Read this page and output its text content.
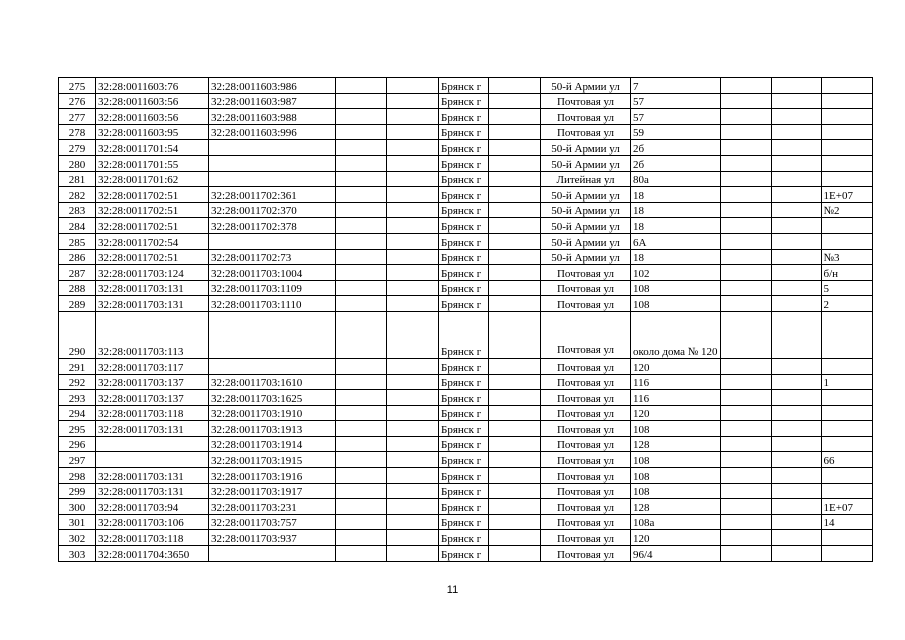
275	32:28:0011603:76	32:28:0011603:986			Брянск г		50-й Армии ул	7			
276	32:28:0011603:56	32:28:0011603:987			Брянск г		Почтовая ул	57			
277	32:28:0011603:56	32:28:0011603:988			Брянск г		Почтовая ул	57			
278	32:28:0011603:95	32:28:0011603:996			Брянск г		Почтовая ул	59			
279	32:28:0011701:54				Брянск г		50-й Армии ул	2б			
280	32:28:0011701:55				Брянск г		50-й Армии ул	2б			
281	32:28:0011701:62				Брянск г		Литейная ул	80а			
282	32:28:0011702:51	32:28:0011702:361			Брянск г		50-й Армии ул	18			1E+07
283	32:28:0011702:51	32:28:0011702:370			Брянск г		50-й Армии ул	18			№2
284	32:28:0011702:51	32:28:0011702:378			Брянск г		50-й Армии ул	18			
285	32:28:0011702:54				Брянск г		50-й Армии ул	6А			
286	32:28:0011702:51	32:28:0011702:73			Брянск г		50-й Армии ул	18			№3
287	32:28:0011703:124	32:28:0011703:1004			Брянск г		Почтовая ул	102			б/н
288	32:28:0011703:131	32:28:0011703:1109			Брянск г		Почтовая ул	108			5
289	32:28:0011703:131	32:28:0011703:1110			Брянск г		Почтовая ул	108			2
290	32:28:0011703:113				Брянск г		Почтовая ул	около дома № 120			
291	32:28:0011703:117				Брянск г		Почтовая ул	120			
292	32:28:0011703:137	32:28:0011703:1610			Брянск г		Почтовая ул	116			1
293	32:28:0011703:137	32:28:0011703:1625			Брянск г		Почтовая ул	116			
294	32:28:0011703:118	32:28:0011703:1910			Брянск г		Почтовая ул	120			
295	32:28:0011703:131	32:28:0011703:1913			Брянск г		Почтовая ул	108			
296		32:28:0011703:1914			Брянск г		Почтовая ул	128			
297		32:28:0011703:1915			Брянск г		Почтовая ул	108			66
298	32:28:0011703:131	32:28:0011703:1916			Брянск г		Почтовая ул	108			
299	32:28:0011703:131	32:28:0011703:1917			Брянск г		Почтовая ул	108			
300	32:28:0011703:94	32:28:0011703:231			Брянск г		Почтовая ул	128			1E+07
301	32:28:0011703:106	32:28:0011703:757			Брянск г		Почтовая ул	108а			14
302	32:28:0011703:118	32:28:0011703:937			Брянск г		Почтовая ул	120			
303	32:28:0011704:3650				Брянск г		Почтовая ул	96/4			
11
